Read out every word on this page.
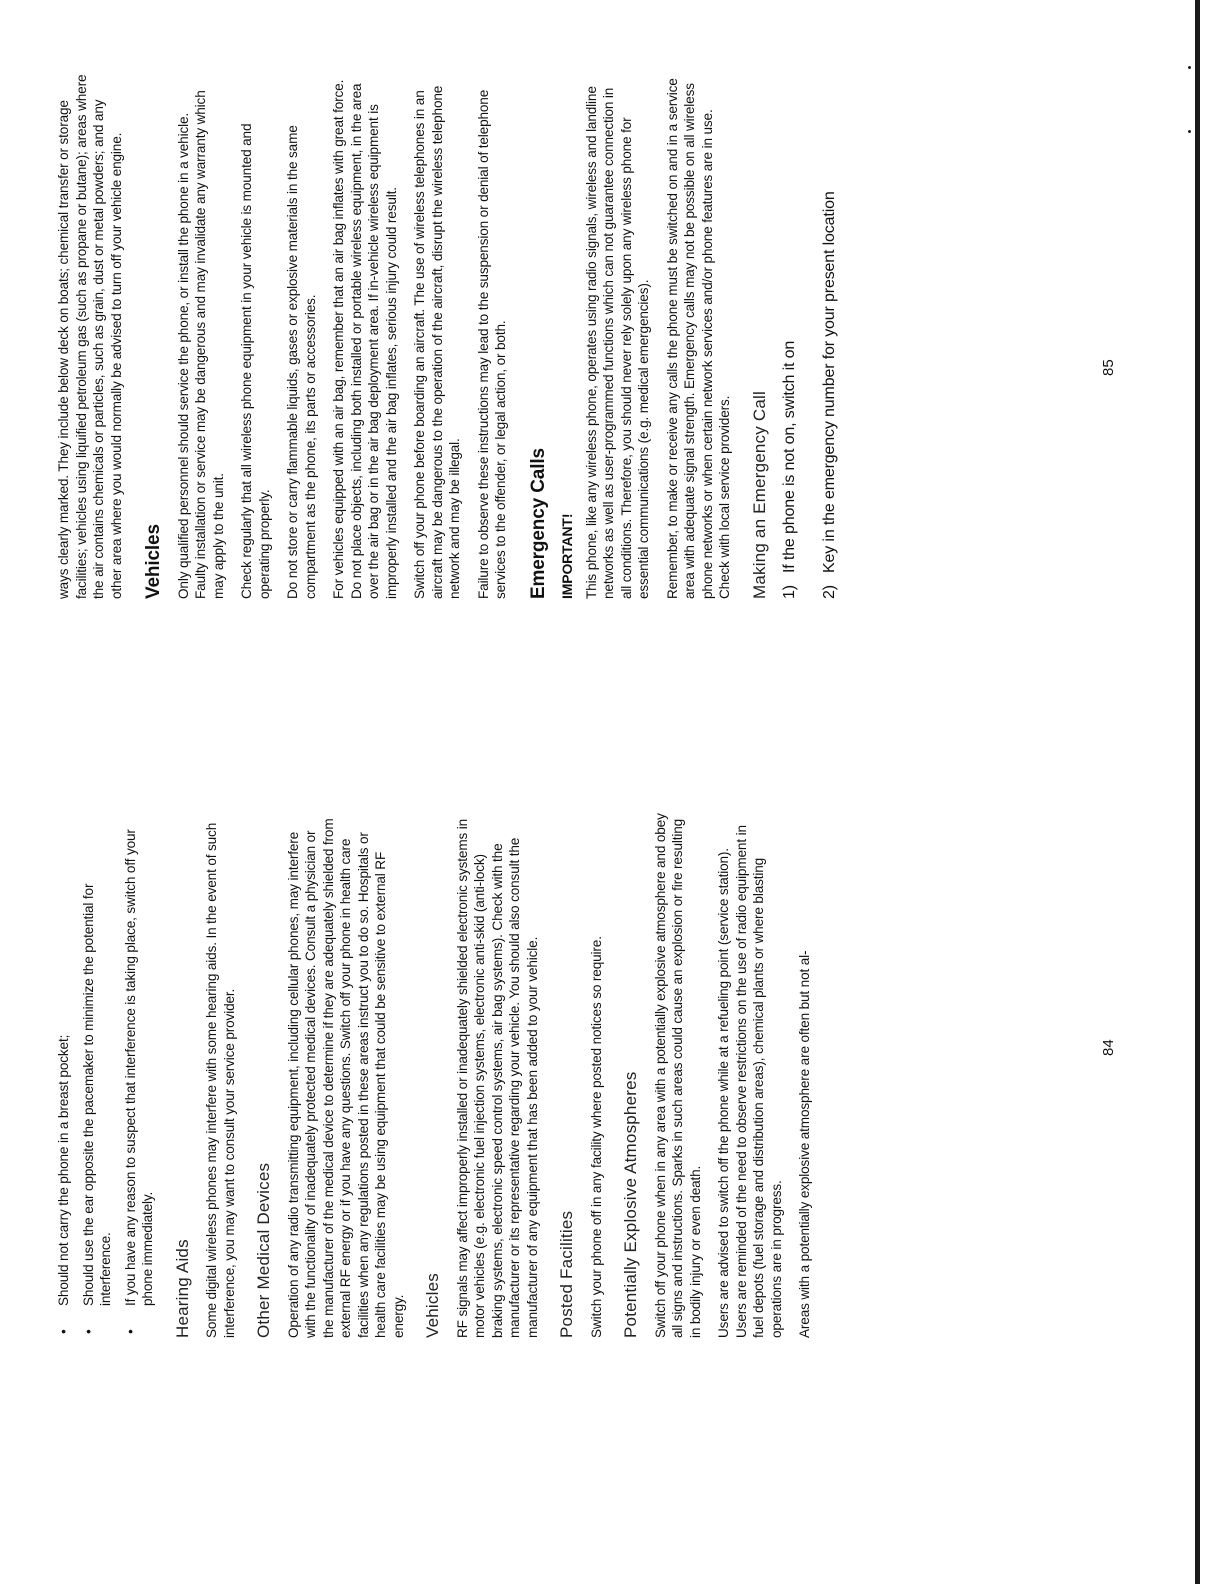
•
Should not carry the phone in a breast pocket;
•
Should use the ear opposite the pacemaker to minimize the potential for interference.
•
If you have any reason to suspect that interference is taking place, switch off your phone immediately. Hearing Aids Some digital wireless phones may interfere with some hearing aids. In the event of such interference, you may want to consult your service provider. Other Medical Devices Operation of any radio transmitting equipment, including cellular phones, may interfere with the functionality of inadequately protected medical devices. Consult a physician or the manufacturer of the medical device to determine if they are adequately shielded from external RF energy or if you have any questions. Switch off your phone in health care facilities when any regulations posted in these areas instruct you to do so. Hospitals or health care facilities may be using equipment that could be sensitive to external RF energy. Vehicles RF signals may affect improperly installed or inadequately shielded electronic systems in motor vehicles (e.g. electronic fuel injection systems, electronic anti-skid (anti-lock) braking systems, electronic speed control systems, air bag systems). Check with the manufacturer or its representative regarding your vehicle. You should also consult the manufacturer of any equipment that has been added to your vehicle. Posted Facilities Switch your phone off in any facility where posted notices so require. Potentially Explosive Atmospheres Switch off your phone when in any area with a potentially explosive atmosphere and obey all signs and instructions. Sparks in such areas could cause an explosion or fire resulting in bodily injury or even death. Users are advised to switch off the phone while at a refueling point (service station). Users are reminded of the need to observe restrictions on the use of radio equipment in fuel depots (fuel storage and distribution areas), chemical plants or where blasting operations are in progress. Areas with a potentially explosive atmosphere are often but not al-	84

ways clearly marked. They include below deck on boats; chemical transfer or storage facilities; vehicles using liquified petroleum gas (such as propane or butane); areas where the air contains chemicals or particles, such as grain, dust or metal powders; and any other area where you would normally be advised to turn off your vehicle engine. Vehicles Only qualified personnel should service the phone, or install the phone in a vehicle. Faulty installation or service may be dangerous and may invalidate any warranty which may apply to the unit. Check regularly that all wireless phone equipment in your vehicle is mounted and operating properly. Do not store or carry flammable liquids, gases or explosive materials in the same compartment as the phone, its parts or accessories. For vehicles equipped with an air bag, remember that an air bag inflates with great force. Do not place objects, including both installed or portable wireless equipment, in the area over the air bag or in the air bag deployment area. If in-vehicle wireless equipment is improperly installed and the air bag inflates, serious injury could result. Switch off your phone before boarding an aircraft. The use of wireless telephones in an aircraft may be dangerous to the operation of the aircraft, disrupt the wireless telephone network and may be illegal. Failure to observe these instructions may lead to the suspension or denial of telephone services to the offender, or legal action, or both. Emergency Calls IMPORTANT! This phone, like any wireless phone, operates using radio signals, wireless and landline networks as well as user-programmed functions which can not guarantee connection in all conditions. Therefore, you should never rely solely upon any wireless phone for essential communications (e.g. medical emergencies). Remember, to make or receive any calls the phone must be switched on and in a service area with adequate signal strength. Emergency calls may not be possible on all wireless phone networks or when certain network services and/or phone features are in use. Check with local service providers. Making an Emergency Call 1)
If the phone is not on, switch it on
2)
Key in the emergency number for your present location	85
